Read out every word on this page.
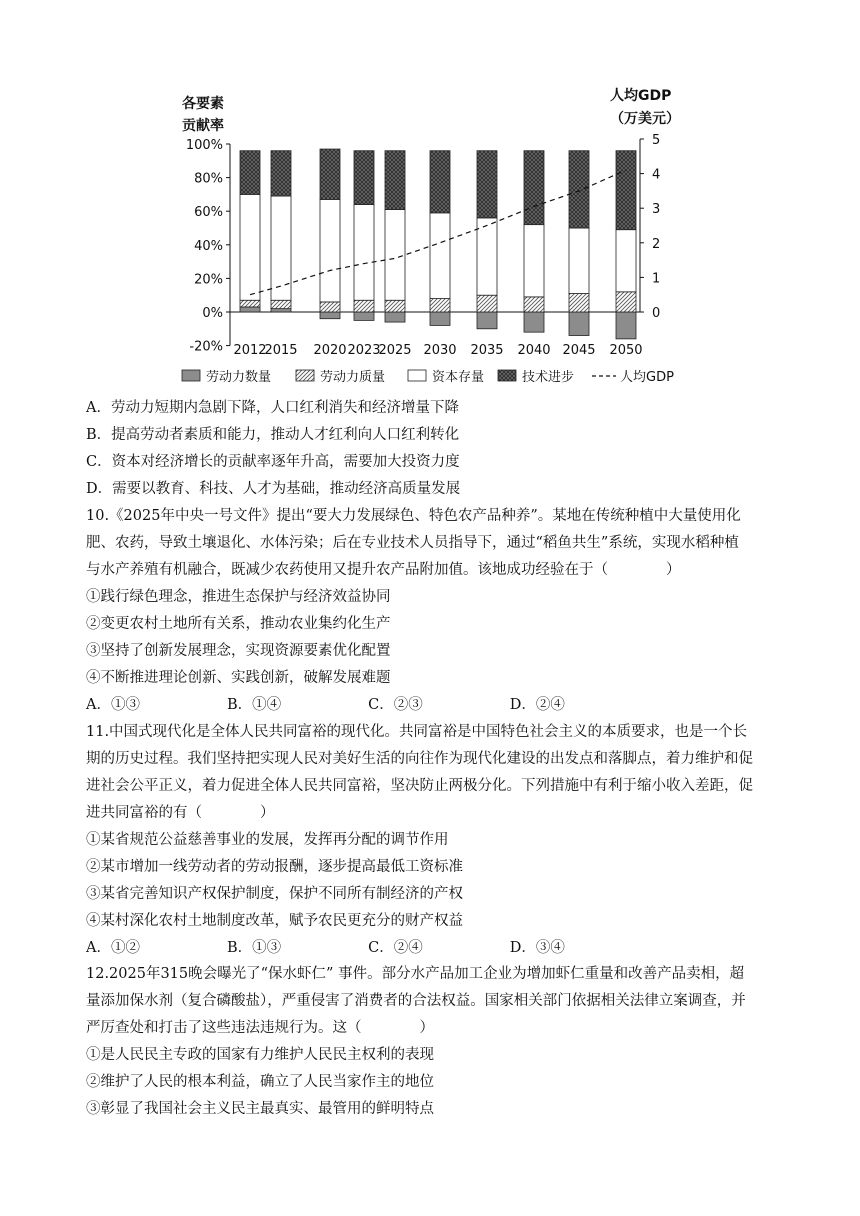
各要素	人均GDP
（万美元）
100%
80%
60%
40%
20%
0%
-20%
5
4
3
2
1
0
2012
2015 2020 2023
2025 2030 2035 2040 2045 2050
劳动力数量	劳动力质量	资本存量	技术进步	人均GDP
贡献率
A．劳动力短期内急剧下降，人口红利消失和经济增量下降
B．提高劳动者素质和能力，推动人才红利向人口红利转化
C．资本对经济增长的贡献率逐年升高，需要加大投资力度
D．需要以教育、科技、人才为基础，推动经济高质量发展
10.《2025年中央一号文件》提出“要大力发展绿色、特色农产品种养”。某地在传统种植中大量使用化
肥、农药，导致土壤退化、水体污染；后在专业技术人员指导下，通过“稻鱼共生”系统，实现水稻种植
与水产养殖有机融合，既减少农药使用又提升农产品附加值。该地成功经验在于（　　　　）
①践行绿色理念，推进生态保护与经济效益协同
②变更农村土地所有关系，推动农业集约化生产
③坚持了创新发展理念，实现资源要素优化配置
④不断推进理论创新、实践创新，破解发展难题
A．①③　　　　　　B．①④　　　　　　C．②③　　　　　　D．②④
11.中国式现代化是全体人民共同富裕的现代化。共同富裕是中国特色社会主义的本质要求，也是一个长
期的历史过程。我们坚持把实现人民对美好生活的向往作为现代化建设的出发点和落脚点，着力维护和促
进社会公平正义，着力促进全体人民共同富裕，坚决防止两极分化。下列措施中有利于缩小收入差距，促
进共同富裕的有（　　　　）
①某省规范公益慈善事业的发展，发挥再分配的调节作用
②某市增加一线劳动者的劳动报酬，逐步提高最低工资标准
③某省完善知识产权保护制度，保护不同所有制经济的产权
④某村深化农村土地制度改革，赋予农民更充分的财产权益
A．①②　　　　　　B．①③　　　　　　C．②④　　　　　　D．③④
12.2025年315晚会曝光了“保水虾仁” 事件。部分水产品加工企业为增加虾仁重量和改善产品卖相，超
量添加保水剂（复合磷酸盐），严重侵害了消费者的合法权益。国家相关部门依据相关法律立案调查，并
严厉查处和打击了这些违法违规行为。这（　　　　）
①是人民民主专政的国家有力维护人民民主权利的表现
②维护了人民的根本利益，确立了人民当家作主的地位
③彰显了我国社会主义民主最真实、最管用的鲜明特点
